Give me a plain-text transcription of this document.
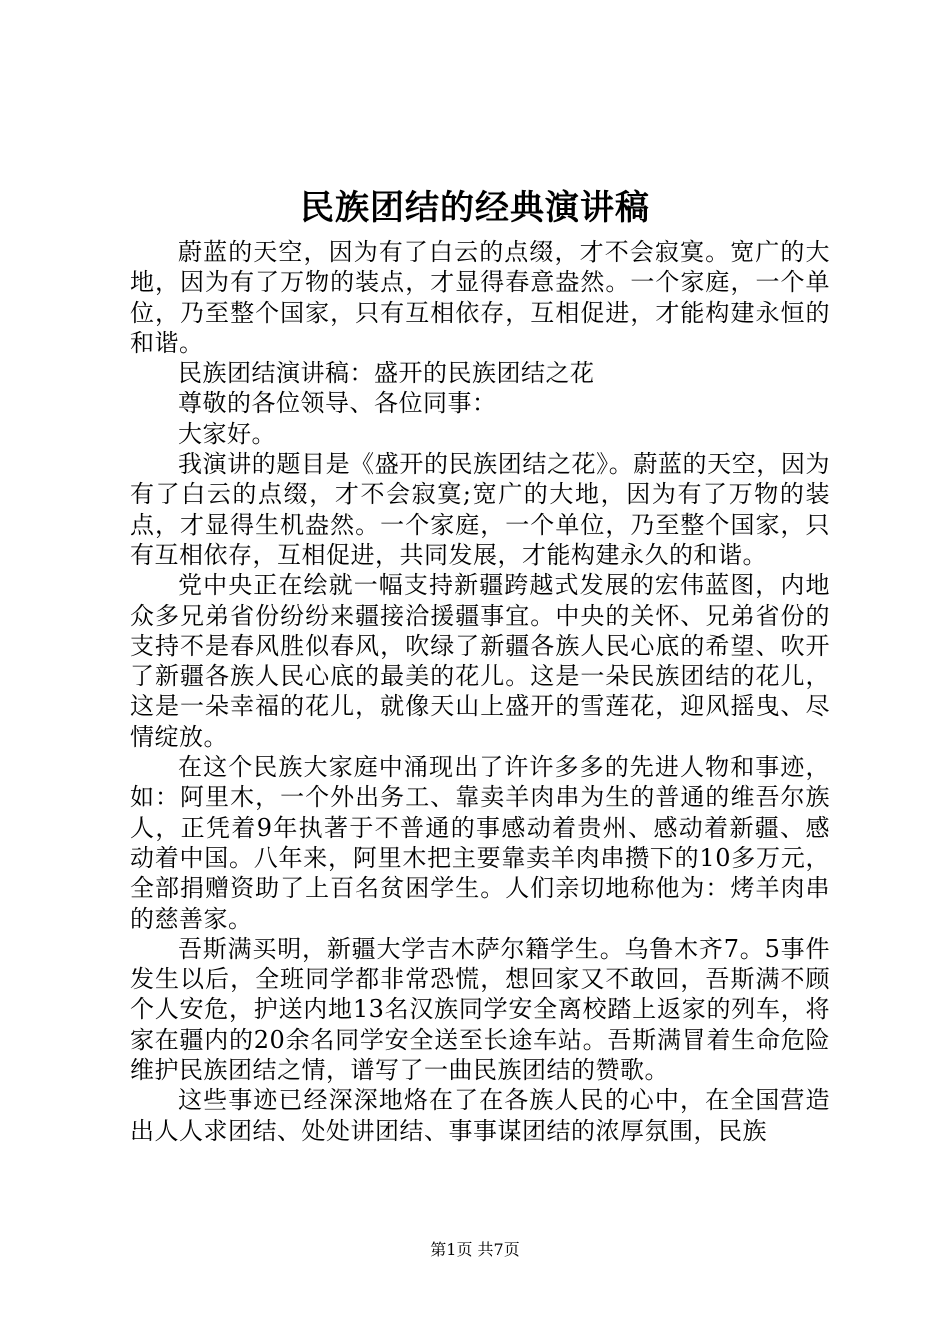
民族团结的经典演讲稿

蔚蓝的天空，因为有了白云的点缀，才不会寂寞。宽广的大地，因为有了万物的装点，才显得春意盎然。一个家庭，一个单位，乃至整个国家，只有互相依存，互相促进，才能构建永恒的和谐。

民族团结演讲稿：盛开的民族团结之花

尊敬的各位领导、各位同事：

大家好。

我演讲的题目是《盛开的民族团结之花》。蔚蓝的天空，因为有了白云的点缀，才不会寂寞;宽广的大地，因为有了万物的装点，才显得生机盎然。一个家庭，一个单位，乃至整个国家，只有互相依存，互相促进，共同发展，才能构建永久的和谐。

党中央正在绘就一幅支持新疆跨越式发展的宏伟蓝图，内地众多兄弟省份纷纷来疆接洽援疆事宜。中央的关怀、兄弟省份的支持不是春风胜似春风，吹绿了新疆各族人民心底的希望、吹开了新疆各族人民心底的最美的花儿。这是一朵民族团结的花儿，这是一朵幸福的花儿，就像天山上盛开的雪莲花，迎风摇曳、尽情绽放。

在这个民族大家庭中涌现出了许许多多的先进人物和事迹，如：阿里木，一个外出务工、靠卖羊肉串为生的普通的维吾尔族人，正凭着9年执著于不普通的事感动着贵州、感动着新疆、感动着中国。八年来，阿里木把主要靠卖羊肉串攒下的10多万元，全部捐赠资助了上百名贫困学生。人们亲切地称他为：烤羊肉串的慈善家。

吾斯满买明，新疆大学吉木萨尔籍学生。乌鲁木齐7。5事件发生以后，全班同学都非常恐慌，想回家又不敢回，吾斯满不顾个人安危，护送内地13名汉族同学安全离校踏上返家的列车，将家在疆内的20余名同学安全送至长途车站。吾斯满冒着生命危险维护民族团结之情，谱写了一曲民族团结的赞歌。

这些事迹已经深深地烙在了在各族人民的心中，在全国营造出人人求团结、处处讲团结、事事谋团结的浓厚氛围，民族

第1页 共7页
